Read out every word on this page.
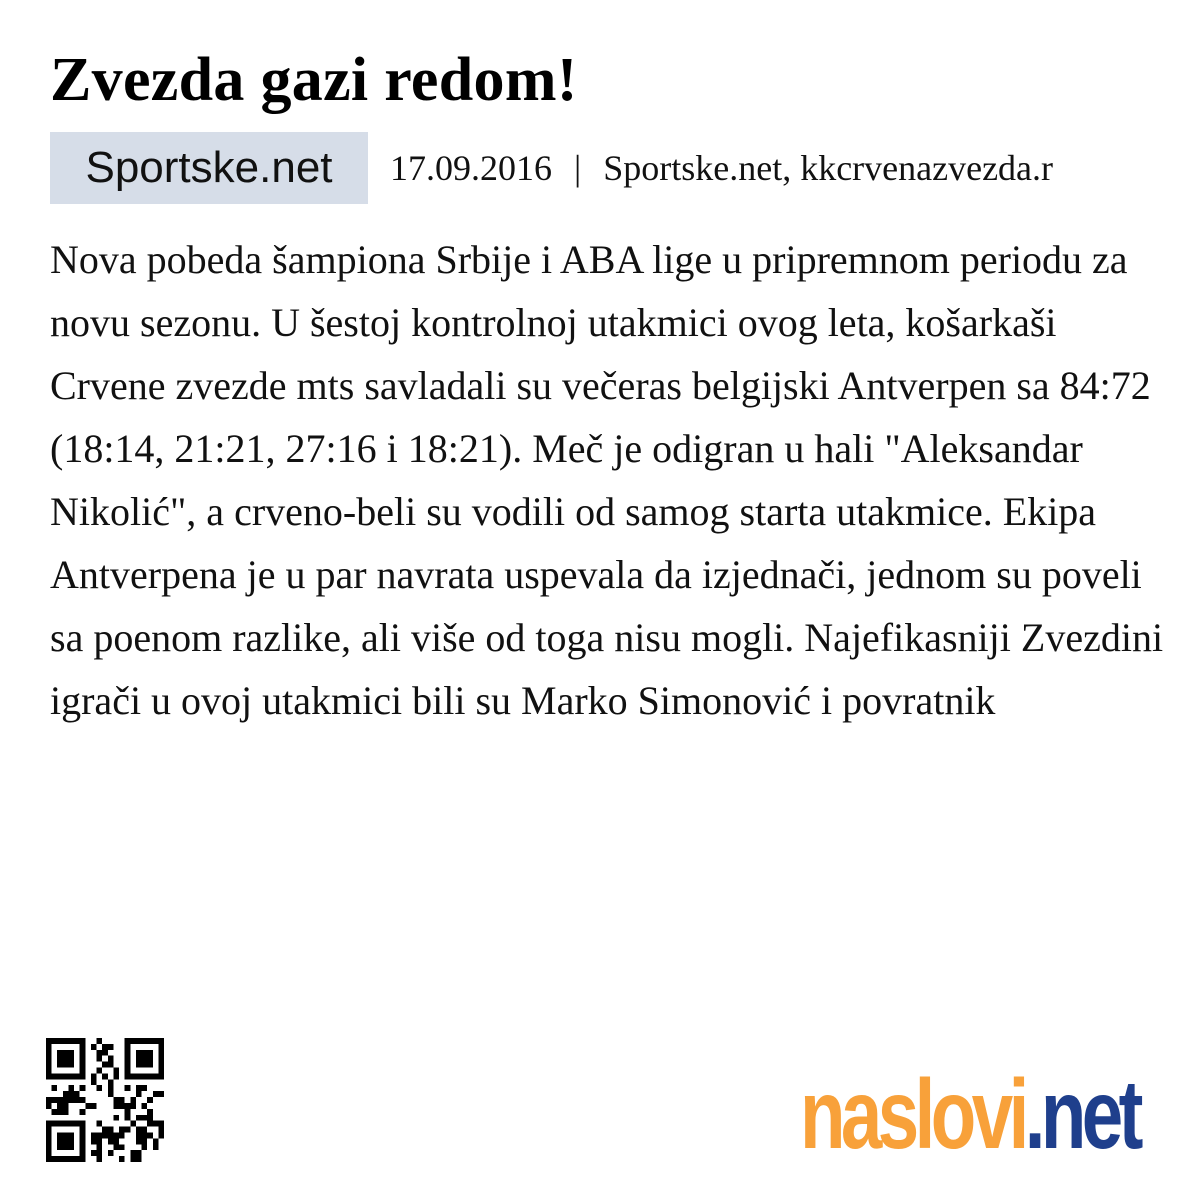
Zvezda gazi redom!
Sportske.net	17.09.2016 | Sportske.net, kkcrvenazvezda.r

Nova pobeda šampiona Srbije i ABA lige u pripremnom periodu za novu sezonu. U šestoj kontrolnoj utakmici ovog leta, košarkaši Crvene zvezde mts savladali su večeras belgijski Antverpen sa 84:72 (18:14, 21:21, 27:16 i 18:21). Meč je odigran u hali "Aleksandar Nikolić", a crveno-beli su vodili od samog starta utakmice. Ekipa Antverpena je u par navrata uspevala da izjednači, jednom su poveli sa poenom razlike, ali više od toga nisu mogli. Najefikasniji Zvezdini igrači u ovoj utakmici bili su Marko Simonović i povratnik

naslovi.net
